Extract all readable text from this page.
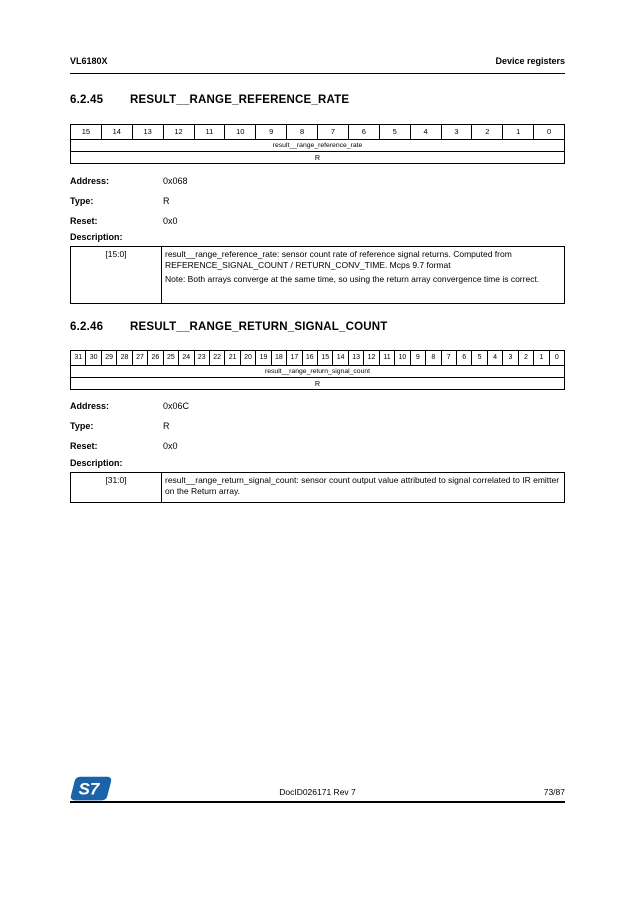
VL6180X	Device registers
6.2.45	RESULT__RANGE_REFERENCE_RATE
15	14	13	12	11	10	9	8	7	6	5	4	3	2	1	0
result__range_reference_rate
R
Address:	0x068
Type:	R
Reset:	0x0
Description:
[15:0]	result__range_reference_rate: sensor count rate of reference signal returns. Computed from REFERENCE_SIGNAL_COUNT / RETURN_CONV_TIME. Mcps 9.7 format
Note: Both arrays converge at the same time, so using the return array convergence time is correct.
6.2.46	RESULT__RANGE_RETURN_SIGNAL_COUNT
31	30	29	28	27	26	25	24	23	22	21	20	19	18	17	16	15	14	13	12	11	10	9	8	7	6	5	4	3	2	1	0
result__range_return_signal_count
R
Address:	0x06C
Type:	R
Reset:	0x0
Description:
[31:0]	result__range_return_signal_count: sensor count output value attributed to signal correlated to IR emitter on the Return array.
S7	DocID026171 Rev 7	73/87
